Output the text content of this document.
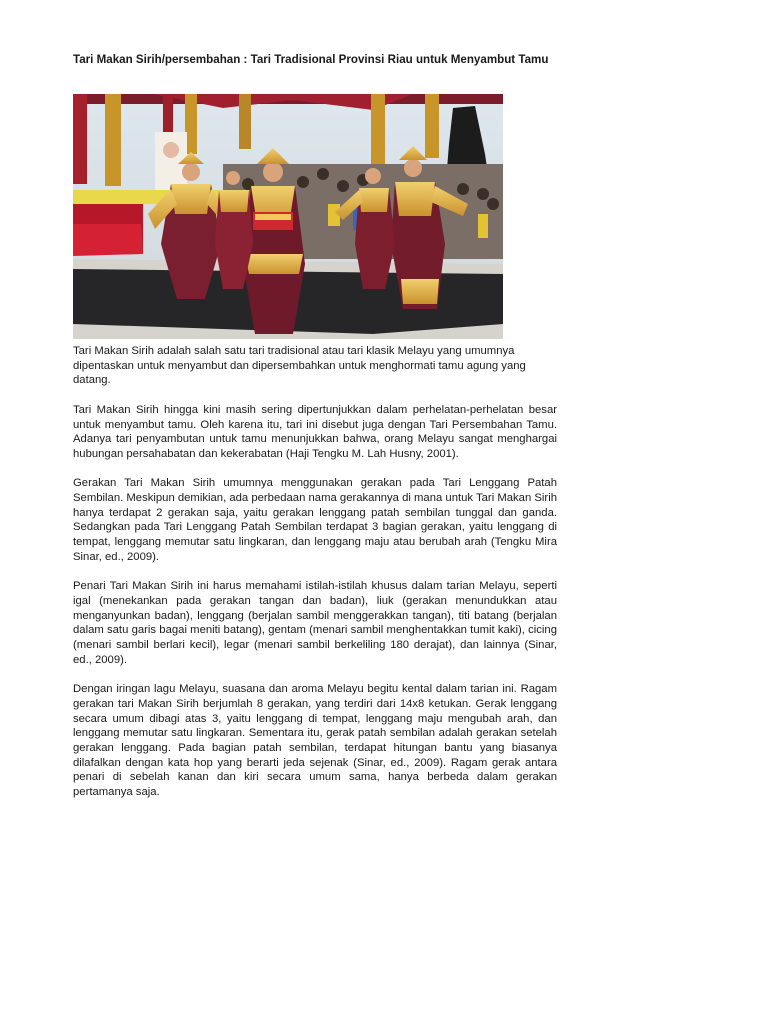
Tari Makan Sirih/persembahan : Tari Tradisional Provinsi Riau untuk Menyambut Tamu

Tari Makan Sirih adalah salah satu tari tradisional atau tari klasik Melayu yang umumnya dipentaskan untuk menyambut dan dipersembahkan untuk menghormati tamu agung yang datang.

Tari Makan Sirih hingga kini masih sering dipertunjukkan dalam perhelatan-perhelatan besar untuk menyambut tamu. Oleh karena itu, tari ini disebut juga dengan Tari Persembahan Tamu. Adanya tari penyambutan untuk tamu menunjukkan bahwa, orang Melayu sangat menghargai hubungan persahabatan dan kekerabatan (Haji Tengku M. Lah Husny, 2001).

Gerakan Tari Makan Sirih umumnya menggunakan gerakan pada Tari Lenggang Patah Sembilan. Meskipun demikian, ada perbedaan nama gerakannya di mana untuk Tari Makan Sirih hanya terdapat 2 gerakan saja, yaitu gerakan lenggang patah sembilan tunggal dan ganda. Sedangkan pada Tari Lenggang Patah Sembilan terdapat 3 bagian gerakan, yaitu lenggang di tempat, lenggang memutar satu lingkaran, dan lenggang maju atau berubah arah (Tengku Mira Sinar, ed., 2009).

Penari Tari Makan Sirih ini harus memahami istilah-istilah khusus dalam tarian Melayu, seperti igal (menekankan pada gerakan tangan dan badan), liuk (gerakan menundukkan atau menganyunkan badan), lenggang (berjalan sambil menggerakkan tangan), titi batang (berjalan dalam satu garis bagai meniti batang), gentam (menari sambil menghentakkan tumit kaki), cicing (menari sambil berlari kecil), legar (menari sambil berkeliling 180 derajat), dan lainnya (Sinar, ed., 2009).

Dengan iringan lagu Melayu, suasana dan aroma Melayu begitu kental dalam tarian ini. Ragam gerakan tari Makan Sirih berjumlah 8 gerakan, yang terdiri dari 14x8 ketukan. Gerak lenggang secara umum dibagi atas 3, yaitu lenggang di tempat, lenggang maju mengubah arah, dan lenggang memutar satu lingkaran. Sementara itu, gerak patah sembilan adalah gerakan setelah gerakan lenggang. Pada bagian patah sembilan, terdapat hitungan bantu yang biasanya dilafalkan dengan kata hop yang berarti jeda sejenak (Sinar, ed., 2009). Ragam gerak antara penari di sebelah kanan dan kiri secara umum sama, hanya berbeda dalam gerakan pertamanya saja.
